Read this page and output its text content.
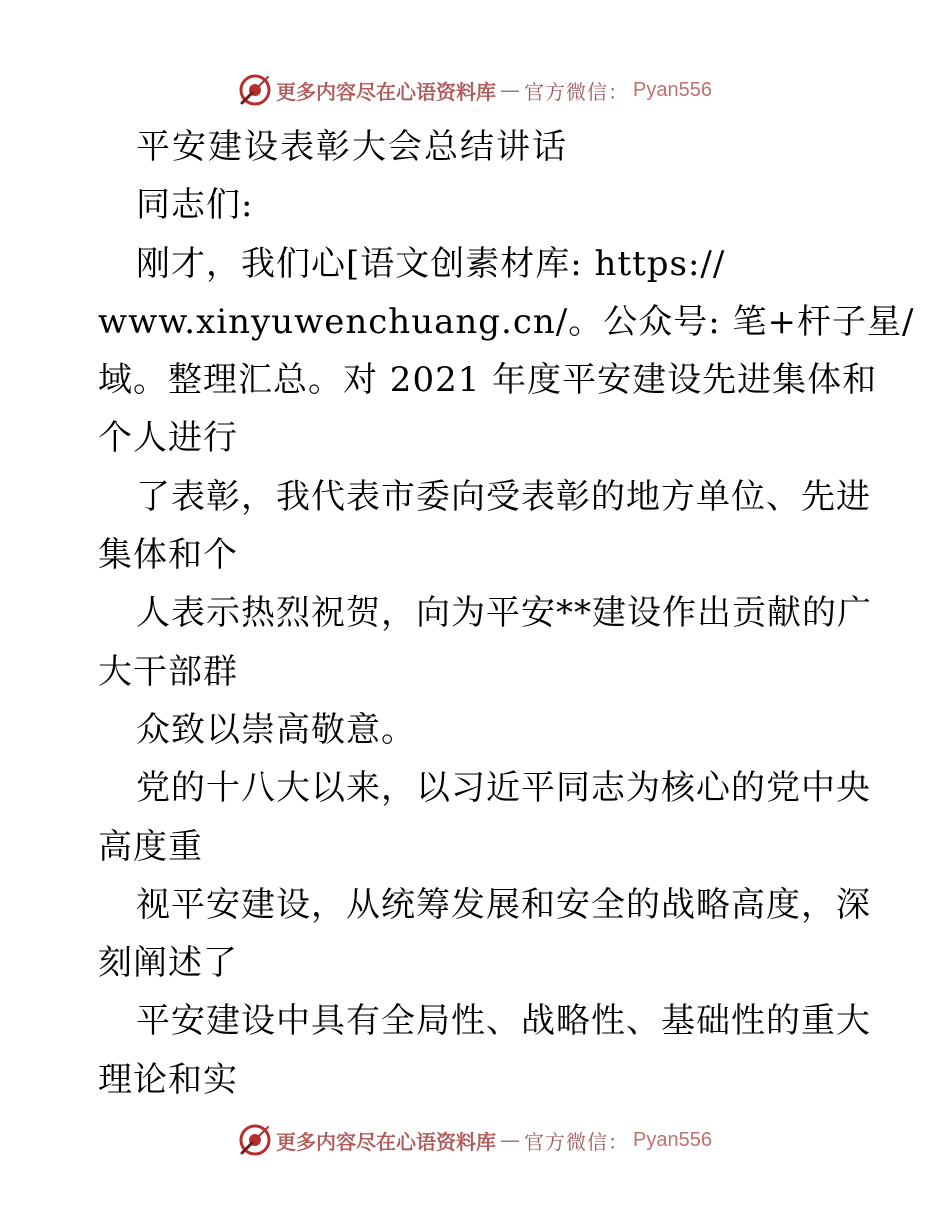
更多内容尽在心语资料库 — 官方微信： Pyan556
平安建设表彰大会总结讲话
同志们:
刚才，我们心[语文创素材库: https://
www.xinyuwenchuang.cn/。公众号: 笔+杆子星/
域。整理汇总。对 2021 年度平安建设先进集体和
个人进行
了表彰，我代表市委向受表彰的地方单位、先进
集体和个
人表示热烈祝贺，向为平安**建设作出贡献的广
大干部群
众致以崇高敬意。
党的十八大以来，以习近平同志为核心的党中央
高度重
视平安建设，从统筹发展和安全的战略高度，深
刻阐述了
平安建设中具有全局性、战略性、基础性的重大
理论和实
更多内容尽在心语资料库 — 官方微信： Pyan556
